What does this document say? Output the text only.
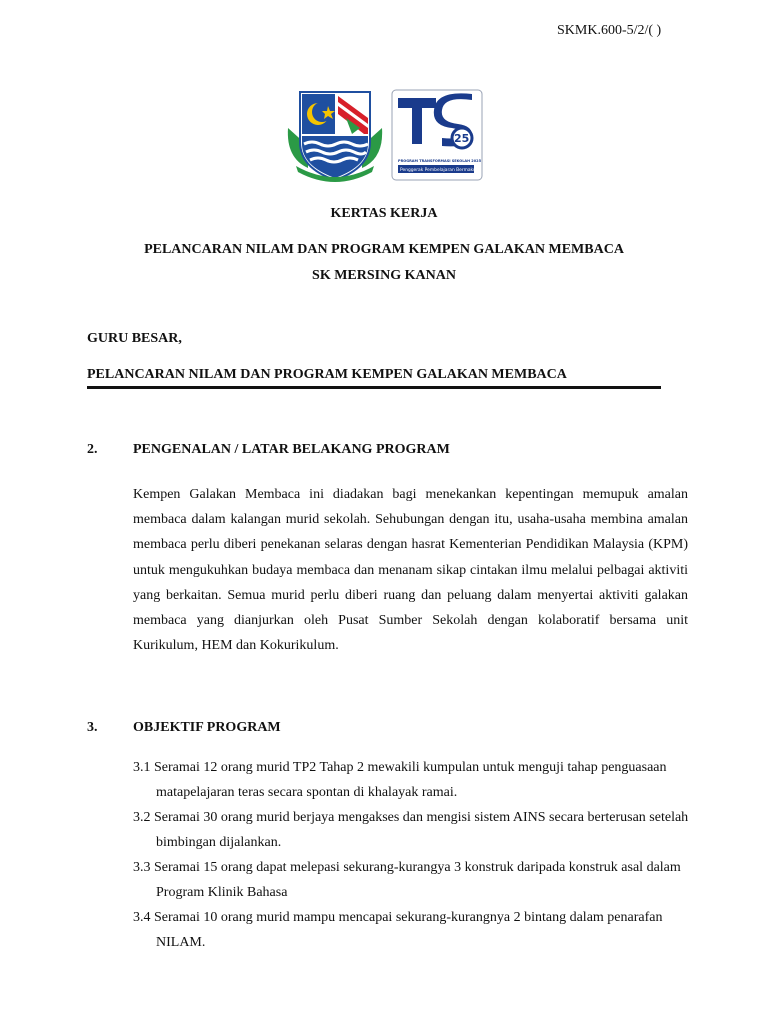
SKMK.600-5/2/( )
25
PROGRAM TRANSFORMASI SEKOLAH 2025
Penggerak Pembelajaran Bermakna
KERTAS KERJA
PELANCARAN NILAM DAN PROGRAM KEMPEN GALAKAN MEMBACA
SK MERSING KANAN
GURU BESAR,
PELANCARAN NILAM DAN PROGRAM KEMPEN GALAKAN MEMBACA
2.	PENGENALAN / LATAR BELAKANG PROGRAM
Kempen Galakan Membaca ini diadakan bagi menekankan kepentingan memupuk amalan membaca dalam kalangan murid sekolah. Sehubungan dengan itu, usaha-usaha membina amalan membaca perlu diberi penekanan selaras dengan hasrat Kementerian Pendidikan Malaysia (KPM) untuk mengukuhkan budaya membaca dan menanam sikap cintakan ilmu melalui pelbagai aktiviti yang berkaitan. Semua murid perlu diberi ruang dan peluang dalam menyertai aktiviti galakan membaca yang dianjurkan oleh Pusat Sumber Sekolah dengan kolaboratif bersama unit Kurikulum, HEM dan Kokurikulum.
3.	OBJEKTIF PROGRAM
3.1 Seramai 12 orang murid TP2 Tahap 2 mewakili kumpulan untuk menguji tahap penguasaan matapelajaran teras secara spontan di khalayak ramai.
3.2 Seramai 30 orang murid berjaya mengakses dan mengisi sistem AINS secara berterusan setelah bimbingan dijalankan.
3.3 Seramai 15 orang dapat melepasi sekurang-kurangya 3 konstruk daripada konstruk asal dalam Program Klinik Bahasa
3.4 Seramai 10 orang murid mampu mencapai sekurang-kurangnya 2 bintang dalam penarafan NILAM.
